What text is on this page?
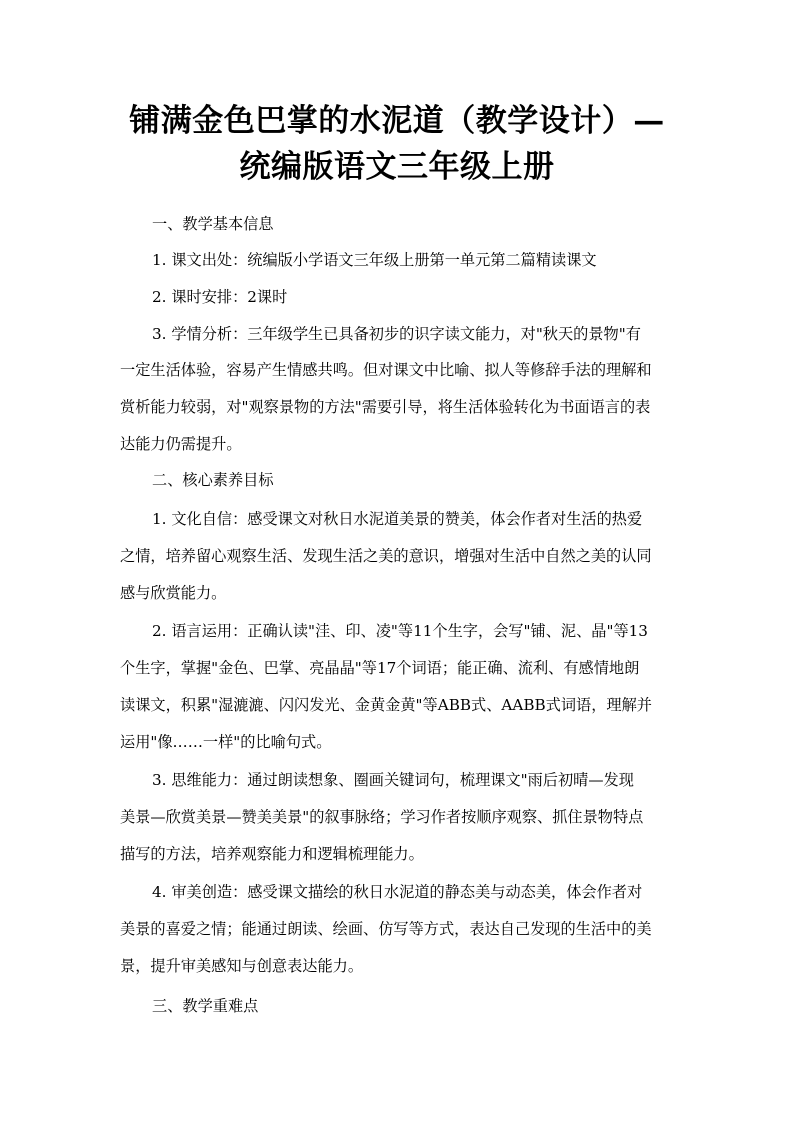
铺满金色巴掌的水泥道（教学设计）—
统编版语文三年级上册
一、教学基本信息
1. 课文出处：统编版小学语文三年级上册第一单元第二篇精读课文
2. 课时安排：2课时
3. 学情分析：三年级学生已具备初步的识字读文能力，对"秋天的景物"有
一定生活体验，容易产生情感共鸣。但对课文中比喻、拟人等修辞手法的理解和
赏析能力较弱，对"观察景物的方法"需要引导，将生活体验转化为书面语言的表
达能力仍需提升。
二、核心素养目标
1. 文化自信：感受课文对秋日水泥道美景的赞美，体会作者对生活的热爱
之情，培养留心观察生活、发现生活之美的意识，增强对生活中自然之美的认同
感与欣赏能力。
2. 语言运用：正确认读"洼、印、凌"等11个生字，会写"铺、泥、晶"等13
个生字，掌握"金色、巴掌、亮晶晶"等17个词语；能正确、流利、有感情地朗
读课文，积累"湿漉漉、闪闪发光、金黄金黄"等ABB式、AABB式词语，理解并
运用"像……一样"的比喻句式。
3. 思维能力：通过朗读想象、圈画关键词句，梳理课文"雨后初晴—发现
美景—欣赏美景—赞美美景"的叙事脉络；学习作者按顺序观察、抓住景物特点
描写的方法，培养观察能力和逻辑梳理能力。
4. 审美创造：感受课文描绘的秋日水泥道的静态美与动态美，体会作者对
美景的喜爱之情；能通过朗读、绘画、仿写等方式，表达自己发现的生活中的美
景，提升审美感知与创意表达能力。
三、教学重难点
